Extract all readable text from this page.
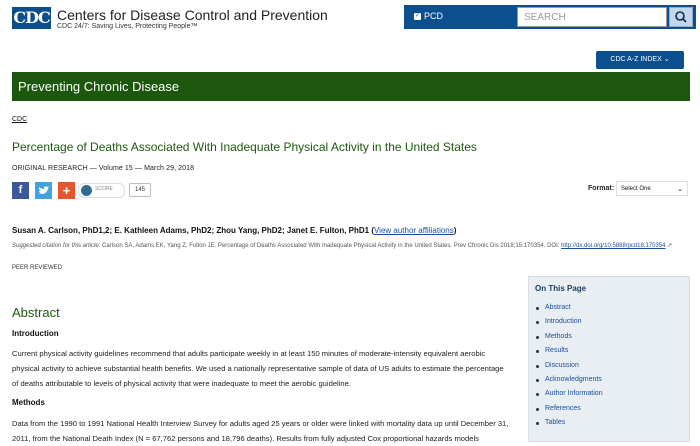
CDC Centers for Disease Control and Prevention
CDC 24/7: Saving Lives, Protecting People™
✓ PCD
SEARCH
CDC A-Z INDEX ⌄
Preventing Chronic Disease
CDC
Percentage of Deaths Associated With Inadequate Physical Activity in the United States
ORIGINAL RESEARCH — Volume 15 — March 29, 2018
f	+	SCORE	145	Format:	Select One	⌄
Susan A. Carlson, PhD1,2; E. Kathleen Adams, PhD2; Zhou Yang, PhD2; Janet E. Fulton, PhD1 (View author affiliations)
Suggested citation for this article: Carlson SA, Adams EK, Yang Z, Fulton JE. Percentage of Deaths Associated With Inadequate Physical Activity in the United States. Prev Chronic Dis 2018;15:170354. DOI: http://dx.doi.org/10.5888/pcd18.170354 ↗
PEER REVIEWED
Abstract
Introduction
Current physical activity guidelines recommend that adults participate weekly in at least 150 minutes of moderate-intensity equivalent aerobic physical activity to achieve substantial health benefits. We used a nationally representative sample of data of US adults to estimate the percentage of deaths attributable to levels of physical activity that were inadequate to meet the aerobic guideline.
Methods
Data from the 1990 to 1991 National Health Interview Survey for adults aged 25 years or older were linked with mortality data up until December 31, 2011, from the National Death Index (N = 67,762 persons and 18,796 deaths). Results from fully adjusted Cox proportional hazards models
On This Page
Abstract
Introduction
Methods
Results
Discussion
Acknowledgments
Author Information
References
Tables
